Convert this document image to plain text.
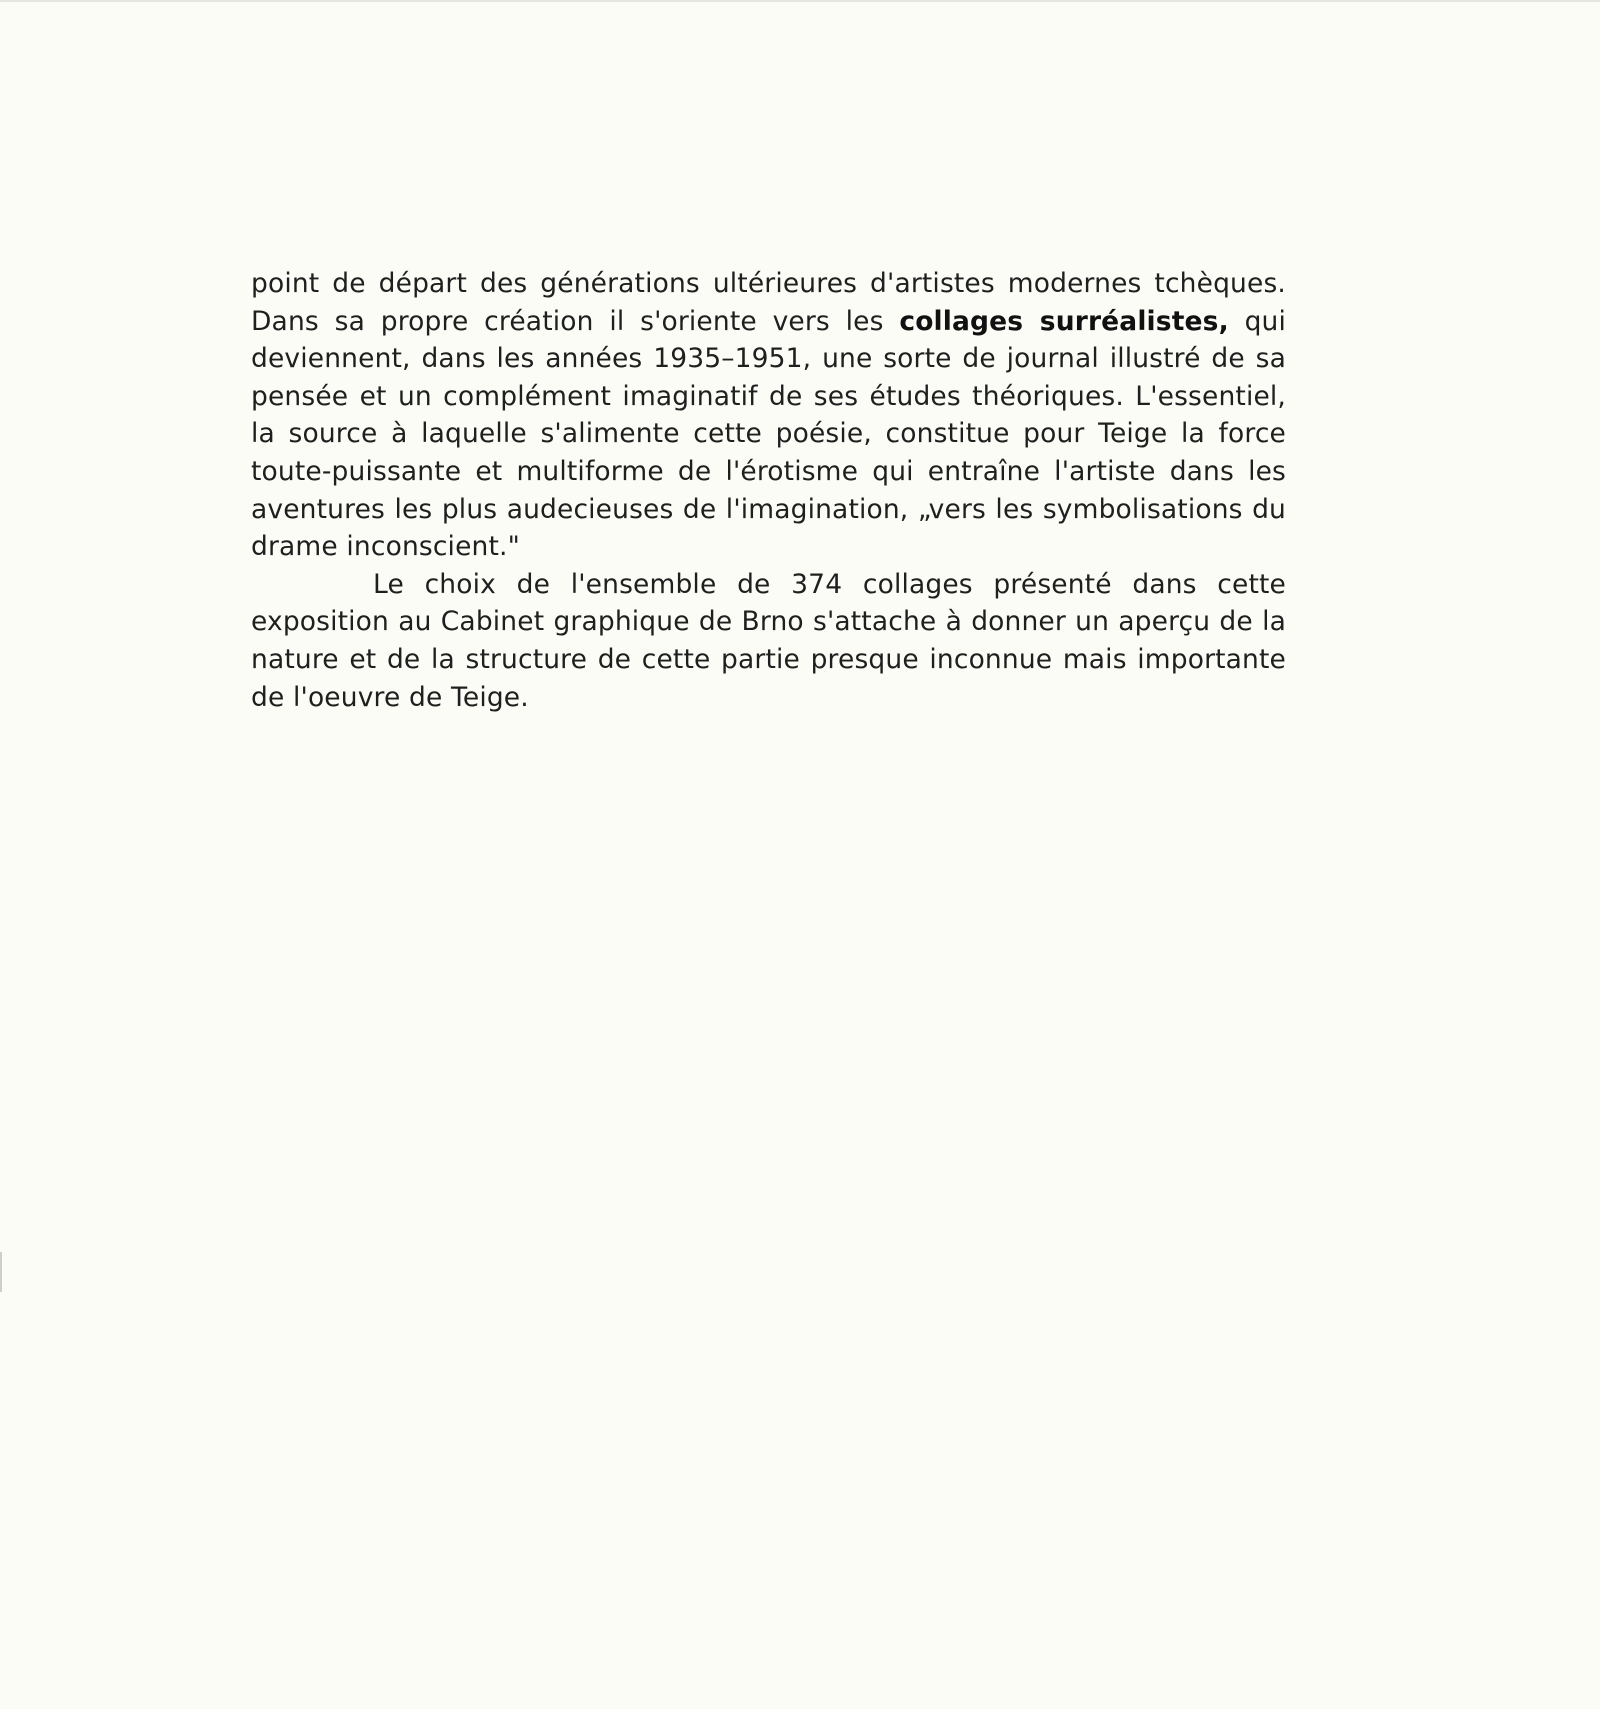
point de départ des générations ultérieures d'artistes modernes tchèques. Dans sa propre création il s'oriente vers les collages surréalistes, qui deviennent, dans les années 1935–1951, une sorte de journal illustré de sa pensée et un complément imaginatif de ses études théoriques. L'essentiel, la source à laquelle s'alimente cette poésie, constitue pour Teige la force toute-puissante et multiforme de l'érotisme qui entraîne l'artiste dans les aventures les plus audecieuses de l'imagination, „vers les symbolisations du drame inconscient."

Le choix de l'ensemble de 374 collages présenté dans cette exposition au Cabinet graphique de Brno s'attache à donner un aperçu de la nature et de la structure de cette partie presque inconnue mais importante de l'oeuvre de Teige.
